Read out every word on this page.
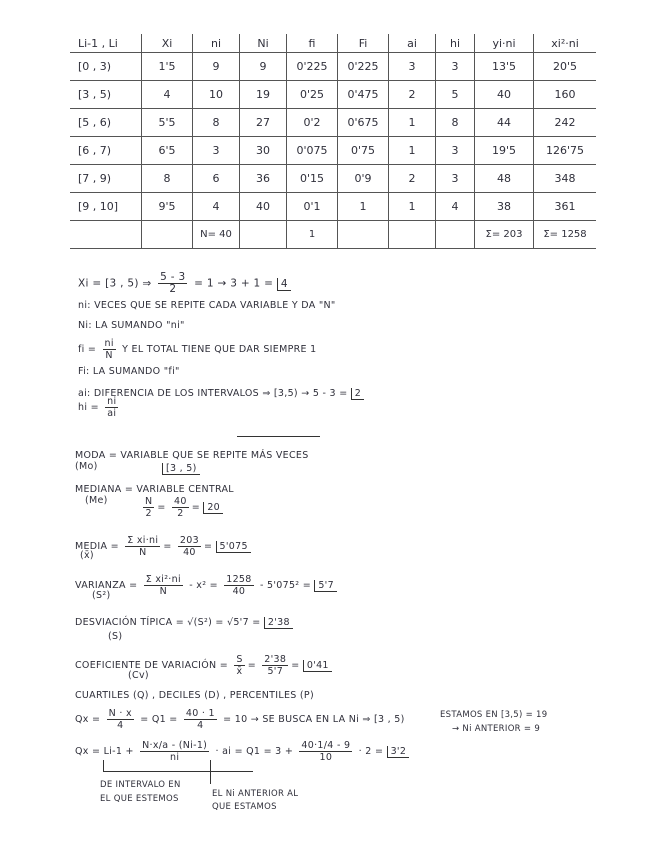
Li-1 , Li	Xi	ni	Ni	fi	Fi	ai	hi	yi·ni	xi²·ni
[0 , 3)	1'5	9	9	0'225	0'225	3	3	13'5	20'5
[3 , 5)	4	10	19	0'25	0'475	2	5	40	160
[5 , 6)	5'5	8	27	0'2	0'675	1	8	44	242
[6 , 7)	6'5	3	30	0'075	0'75	1	3	19'5	126'75
[7 , 9)	8	6	36	0'15	0'9	2	3	48	348
[9 , 10]	9'5	4	40	0'1	1	1	4	38	361
		N= 40		1				Σ= 203	Σ= 1258
Xi = [3 , 5) ⇒ $\frac{5 - 3}{2} = 1 \to 3 + 1 = 4$
ni: VECES QUE SE REPITE CADA VARIABLE Y DA "N"
Ni: LA SUMANDO "ni"
fi = $\frac{ni}{N}$ Y EL TOTAL TIENE QUE DAR SIEMPRE 1
Fi: LA SUMANDO "fi"
ai: DIFERENCIA DE LOS INTERVALOS ⇒ [3,5) → 5 - 3 = 2
hi = $\frac{ni}{ai}$
MODA = VARIABLE QUE SE REPITE MÁS VECES
(Mo)	[3 , 5)
MEDIANA = VARIABLE CENTRAL
(Me)	$\frac{N}{2} = \frac{40}{2} = 20$
MEDIA = $\frac{\text{Σ xi·ni}}{N} = \frac{203}{40} = 5'075$
(x̄)
VARIANZA = $\frac{\text{Σ xi²·ni}}{N} - x^2 = \frac{1258}{40} - 5'075^2 = 5'7$
(S²)
DESVIACIÓN TÍPICA = √(S²) = √5'7 = 2'38
(S)
COEFICIENTE DE VARIACIÓN = $\frac{S}{x̄} = \frac{2'38}{5'7} = 0'41$
(Cv)
CUARTILES (Q) , DECILES (D) , PERCENTILES (P)
$Qx = \frac{N \cdot x}{4} = Q1 = \frac{40 \cdot 1}{4} = 10$ → SE BUSCA EN LA Ni ⇒ [3 , 5)	ESTAMOS EN [3,5) = 19
→ Ni ANTERIOR = 9
$Qx = Li-1 + \frac{N\cdot x/a - (Ni-1)}{ni}$ · ai = $Q1 = 3 + \frac{40\cdot 1/4 - 9}{10} \cdot 2 = 3'2$
DE INTERVALO EN
EL QUE ESTEMOS	EL Ni ANTERIOR AL
QUE ESTAMOS
